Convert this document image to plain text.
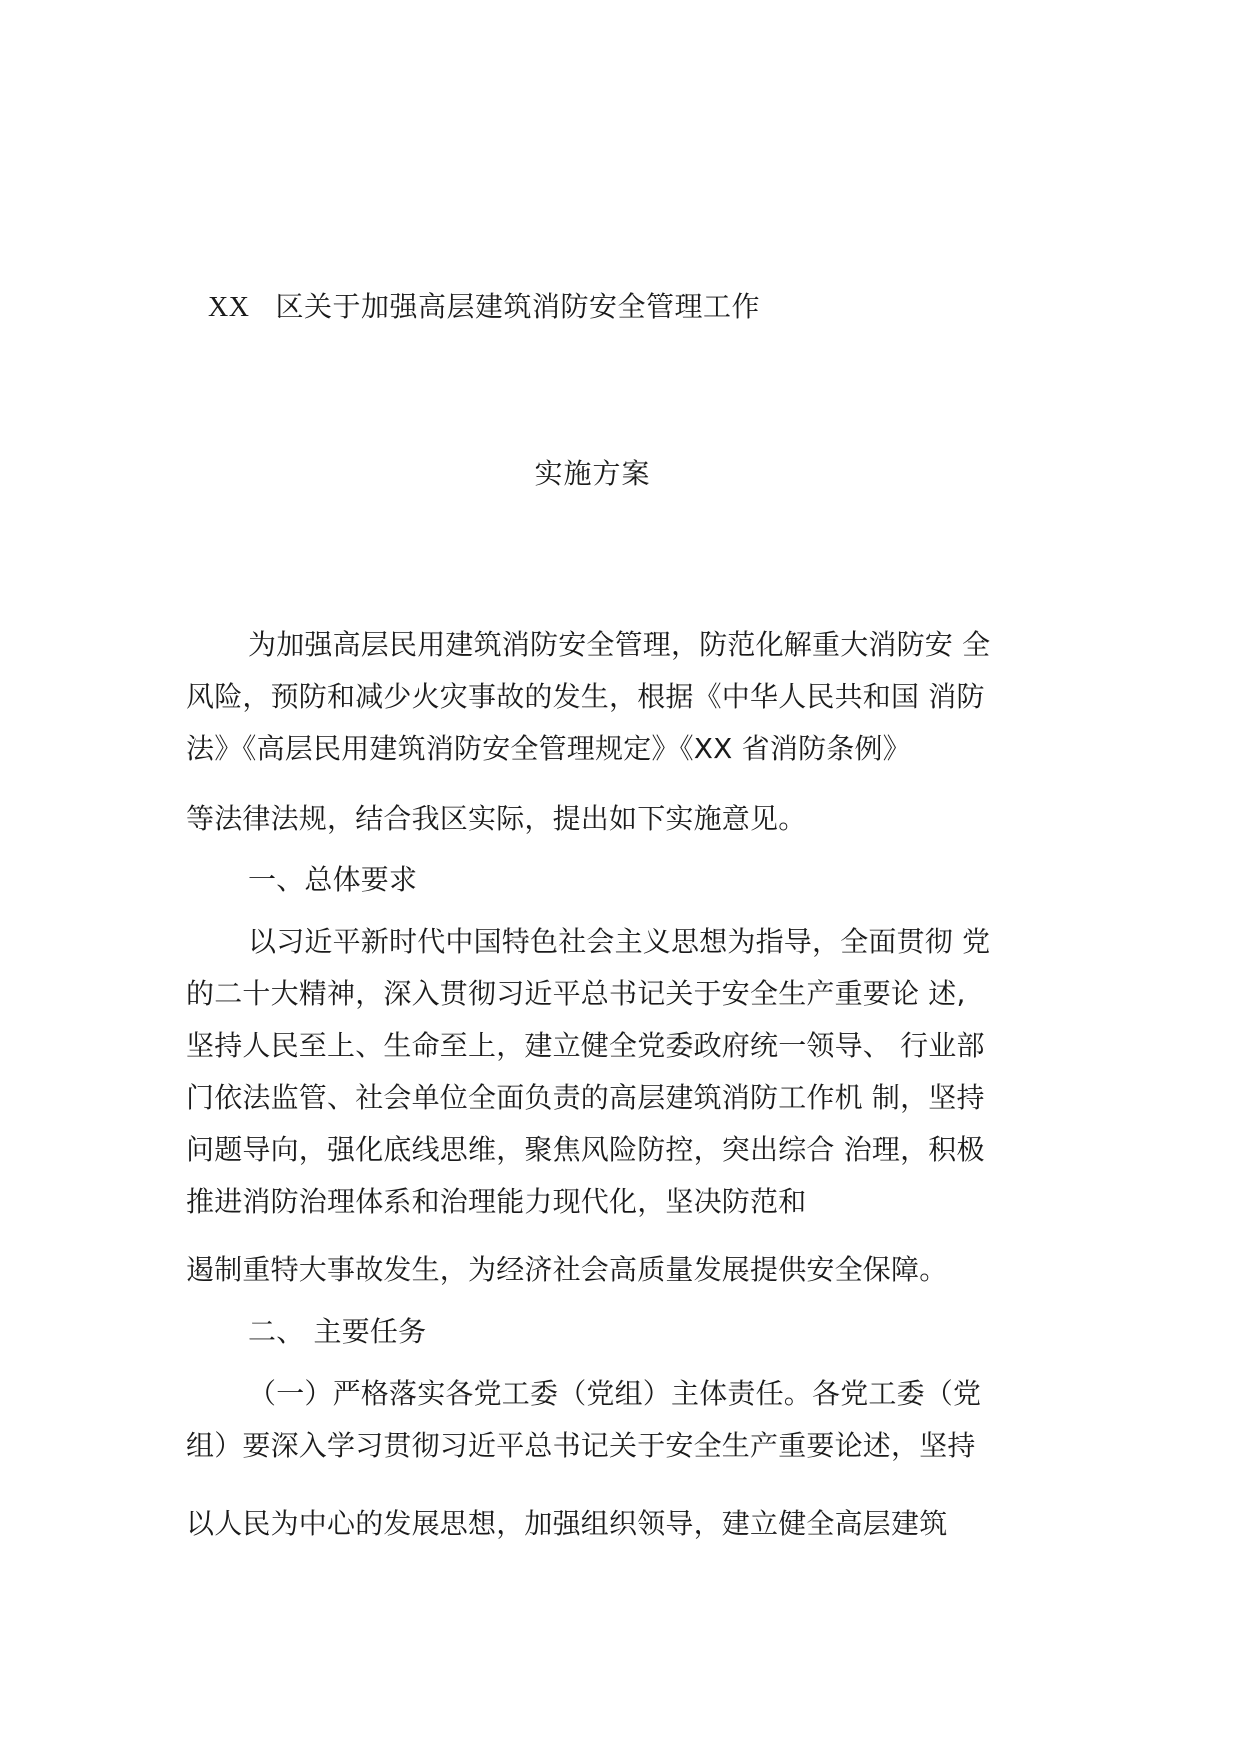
XX 区关于加强高层建筑消防安全管理工作
实施方案
为加强高层民用建筑消防安全管理，防范化解重大消防安 全
风险，预防和减少火灾事故的发生，根据《中华人民共和国 消防
法》《高层民用建筑消防安全管理规定》《XX 省消防条例》
等法律法规，结合我区实际，提出如下实施意见。
一、总体要求
以习近平新时代中国特色社会主义思想为指导，全面贯彻 党
的二十大精神，深入贯彻习近平总书记关于安全生产重要论 述,
坚持人民至上、生命至上，建立健全党委政府统一领导、 行业部
门依法监管、社会单位全面负责的高层建筑消防工作机 制，坚持
问题导向，强化底线思维，聚焦风险防控，突出综合 治理，积极
推进消防治理体系和治理能力现代化，坚决防范和
遏制重特大事故发生，为经济社会高质量发展提供安全保障。
二、 主要任务
（一）严格落实各党工委（党组）主体责任。各党工委（党
组）要深入学习贯彻习近平总书记关于安全生产重要论述，坚持
以人民为中心的发展思想，加强组织领导，建立健全高层建筑
